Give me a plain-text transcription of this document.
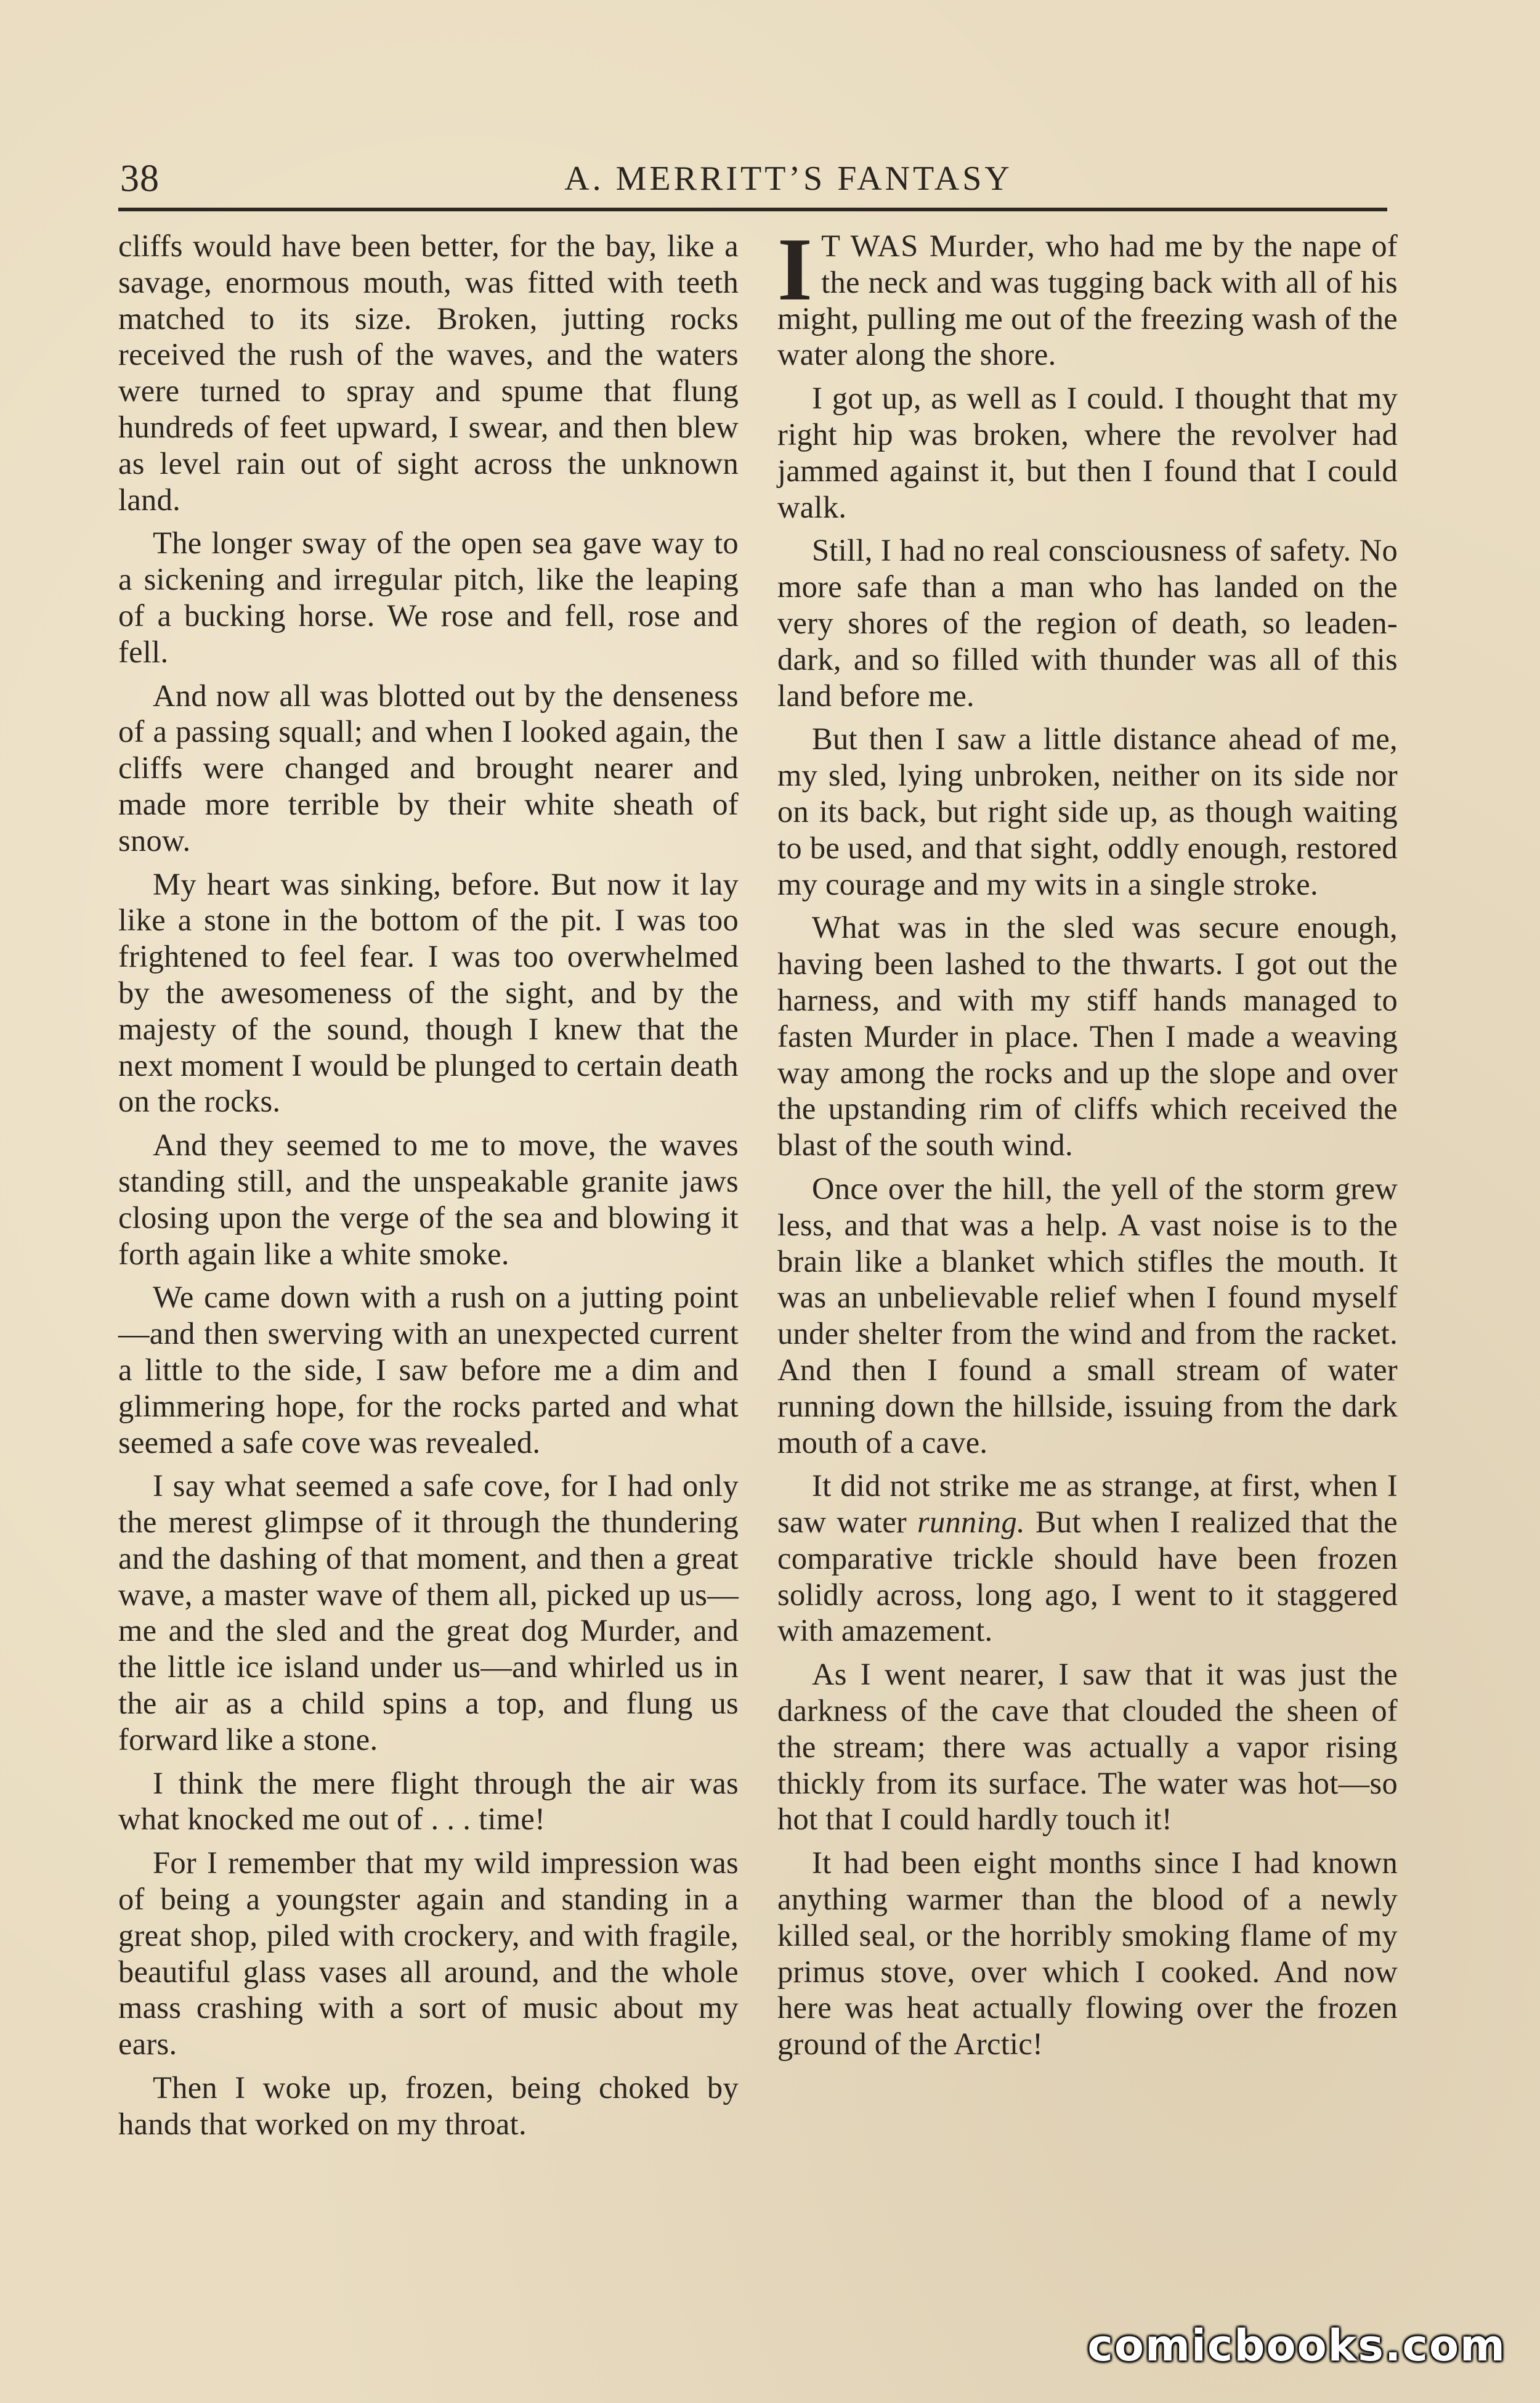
38	A. MERRITT’S FANTASY

cliffs would have been better, for the bay, like a savage, enormous mouth, was fitted with teeth matched to its size. Broken, jutting rocks received the rush of the waves, and the waters were turned to spray and spume that flung hundreds of feet upward, I swear, and then blew as level rain out of sight across the unknown land.

The longer sway of the open sea gave way to a sickening and irregular pitch, like the leaping of a bucking horse. We rose and fell, rose and fell.

And now all was blotted out by the denseness of a passing squall; and when I looked again, the cliffs were changed and brought nearer and made more terrible by their white sheath of snow.

My heart was sinking, before. But now it lay like a stone in the bottom of the pit. I was too frightened to feel fear. I was too overwhelmed by the awesomeness of the sight, and by the majesty of the sound, though I knew that the next moment I would be plunged to certain death on the rocks.

And they seemed to me to move, the waves standing still, and the unspeakable granite jaws closing upon the verge of the sea and blowing it forth again like a white smoke.

We came down with a rush on a jutting point—and then swerving with an unexpected current a little to the side, I saw before me a dim and glimmering hope, for the rocks parted and what seemed a safe cove was revealed.

I say what seemed a safe cove, for I had only the merest glimpse of it through the thundering and the dashing of that moment, and then a great wave, a master wave of them all, picked up us—me and the sled and the great dog Murder, and the little ice island under us—and whirled us in the air as a child spins a top, and flung us forward like a stone.

I think the mere flight through the air was what knocked me out of . . . time!

For I remember that my wild impression was of being a youngster again and standing in a great shop, piled with crockery, and with fragile, beautiful glass vases all around, and the whole mass crashing with a sort of music about my ears.

Then I woke up, frozen, being choked by hands that worked on my throat.

I T WAS Murder, who had me by the nape of the neck and was tugging back with all of his might, pulling me out of the freezing wash of the water along the shore.

I got up, as well as I could. I thought that my right hip was broken, where the revolver had jammed against it, but then I found that I could walk.

Still, I had no real consciousness of safety. No more safe than a man who has landed on the very shores of the region of death, so leaden-dark, and so filled with thunder was all of this land before me.

But then I saw a little distance ahead of me, my sled, lying unbroken, neither on its side nor on its back, but right side up, as though waiting to be used, and that sight, oddly enough, restored my courage and my wits in a single stroke.

What was in the sled was secure enough, having been lashed to the thwarts. I got out the harness, and with my stiff hands managed to fasten Murder in place. Then I made a weaving way among the rocks and up the slope and over the upstanding rim of cliffs which received the blast of the south wind.

Once over the hill, the yell of the storm grew less, and that was a help. A vast noise is to the brain like a blanket which stifles the mouth. It was an unbelievable relief when I found myself under shelter from the wind and from the racket. And then I found a small stream of water running down the hillside, issuing from the dark mouth of a cave.

It did not strike me as strange, at first, when I saw water running. But when I realized that the comparative trickle should have been frozen solidly across, long ago, I went to it staggered with amazement.

As I went nearer, I saw that it was just the darkness of the cave that clouded the sheen of the stream; there was actually a vapor rising thickly from its surface. The water was hot—so hot that I could hardly touch it!

It had been eight months since I had known anything warmer than the blood of a newly killed seal, or the horribly smoking flame of my primus stove, over which I cooked. And now here was heat actually flowing over the frozen ground of the Arctic!

comicbooks.com
